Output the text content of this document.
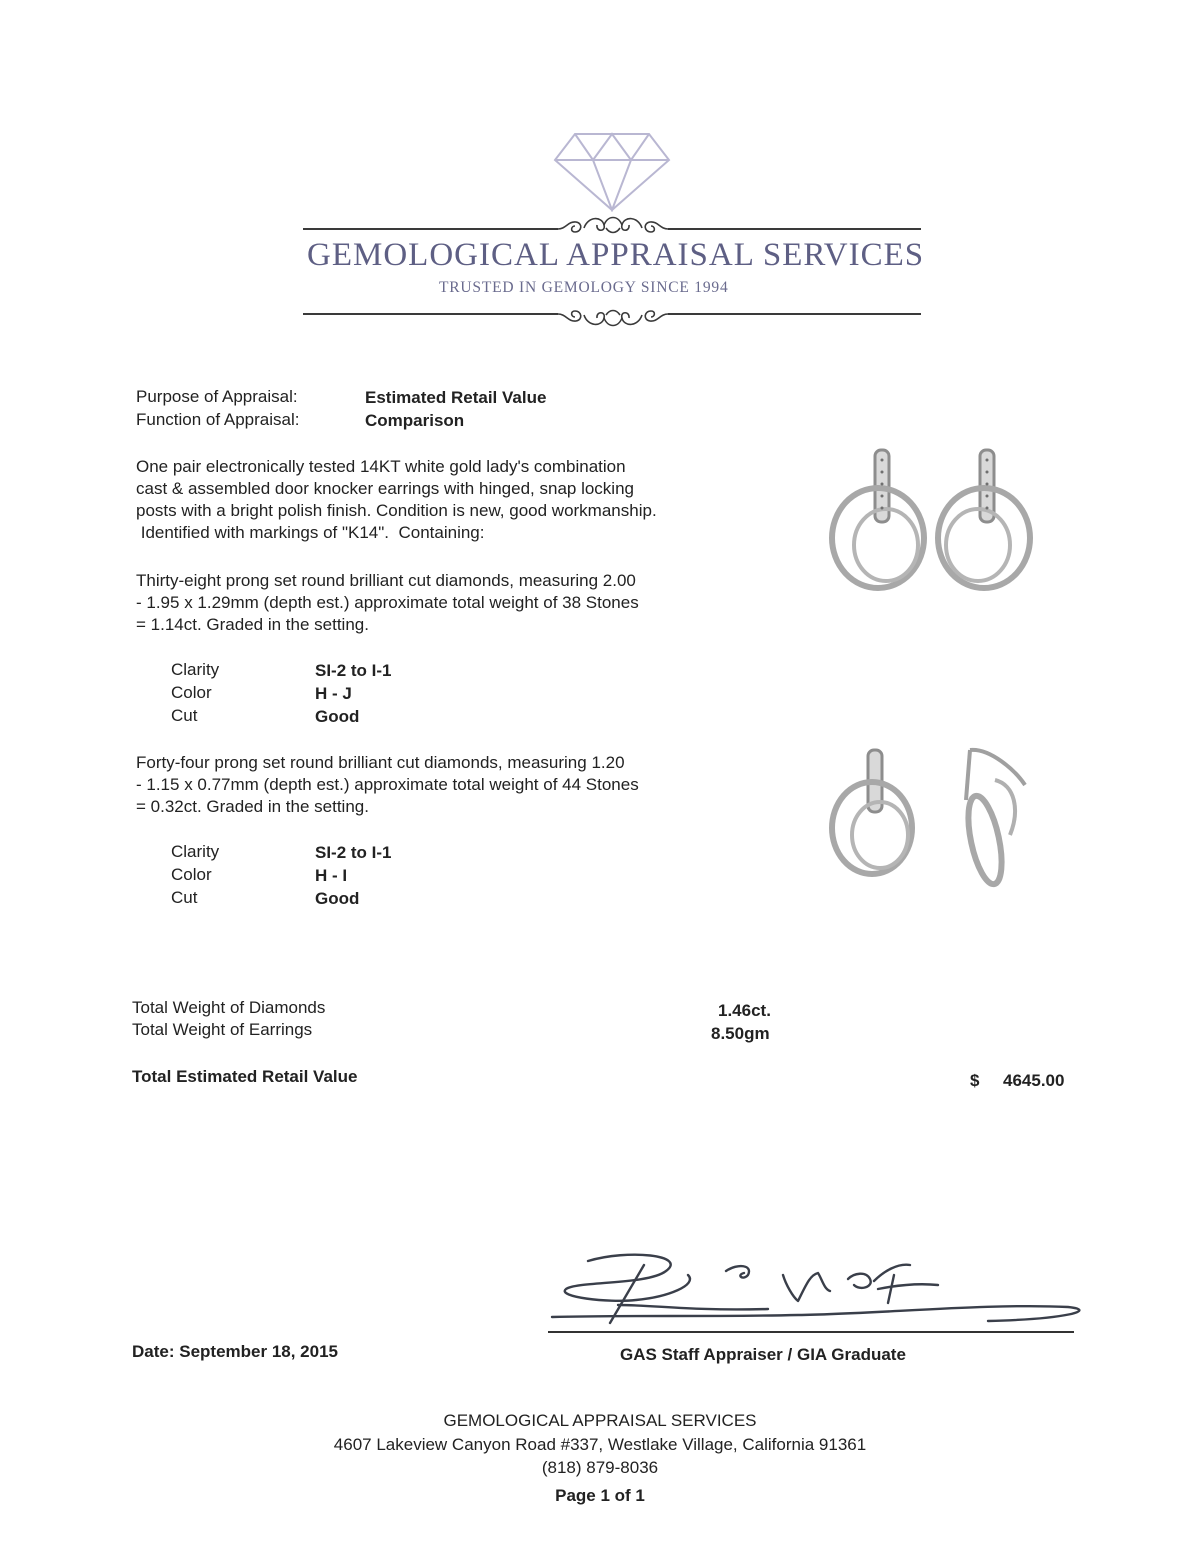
GEMOLOGICAL APPRAISAL SERVICES
TRUSTED IN GEMOLOGY SINCE 1994
Purpose of Appraisal:	Estimated Retail Value
Function of Appraisal:	Comparison
One pair electronically tested 14KT white gold lady's combination
cast & assembled door knocker earrings with hinged, snap locking
posts with a bright polish finish. Condition is new, good workmanship.
Identified with markings of "K14".  Containing:
Thirty-eight prong set round brilliant cut diamonds, measuring 2.00
- 1.95 x 1.29mm (depth est.) approximate total weight of 38 Stones
= 1.14ct. Graded in the setting.
Clarity	SI-2 to I-1
Color	H - J
Cut	Good
Forty-four prong set round brilliant cut diamonds, measuring 1.20
- 1.15 x 0.77mm (depth est.) approximate total weight of 44 Stones
= 0.32ct. Graded in the setting.
Clarity	SI-2 to I-1
Color	H - I
Cut	Good
Total Weight of Diamonds	1.46ct.
Total Weight of Earrings	8.50gm
Total Estimated Retail Value	$ 4645.00
Date: September 18, 2015	GAS Staff Appraiser / GIA Graduate
GEMOLOGICAL APPRAISAL SERVICES
4607 Lakeview Canyon Road #337, Westlake Village, California 91361
(818) 879-8036
Page 1 of 1
